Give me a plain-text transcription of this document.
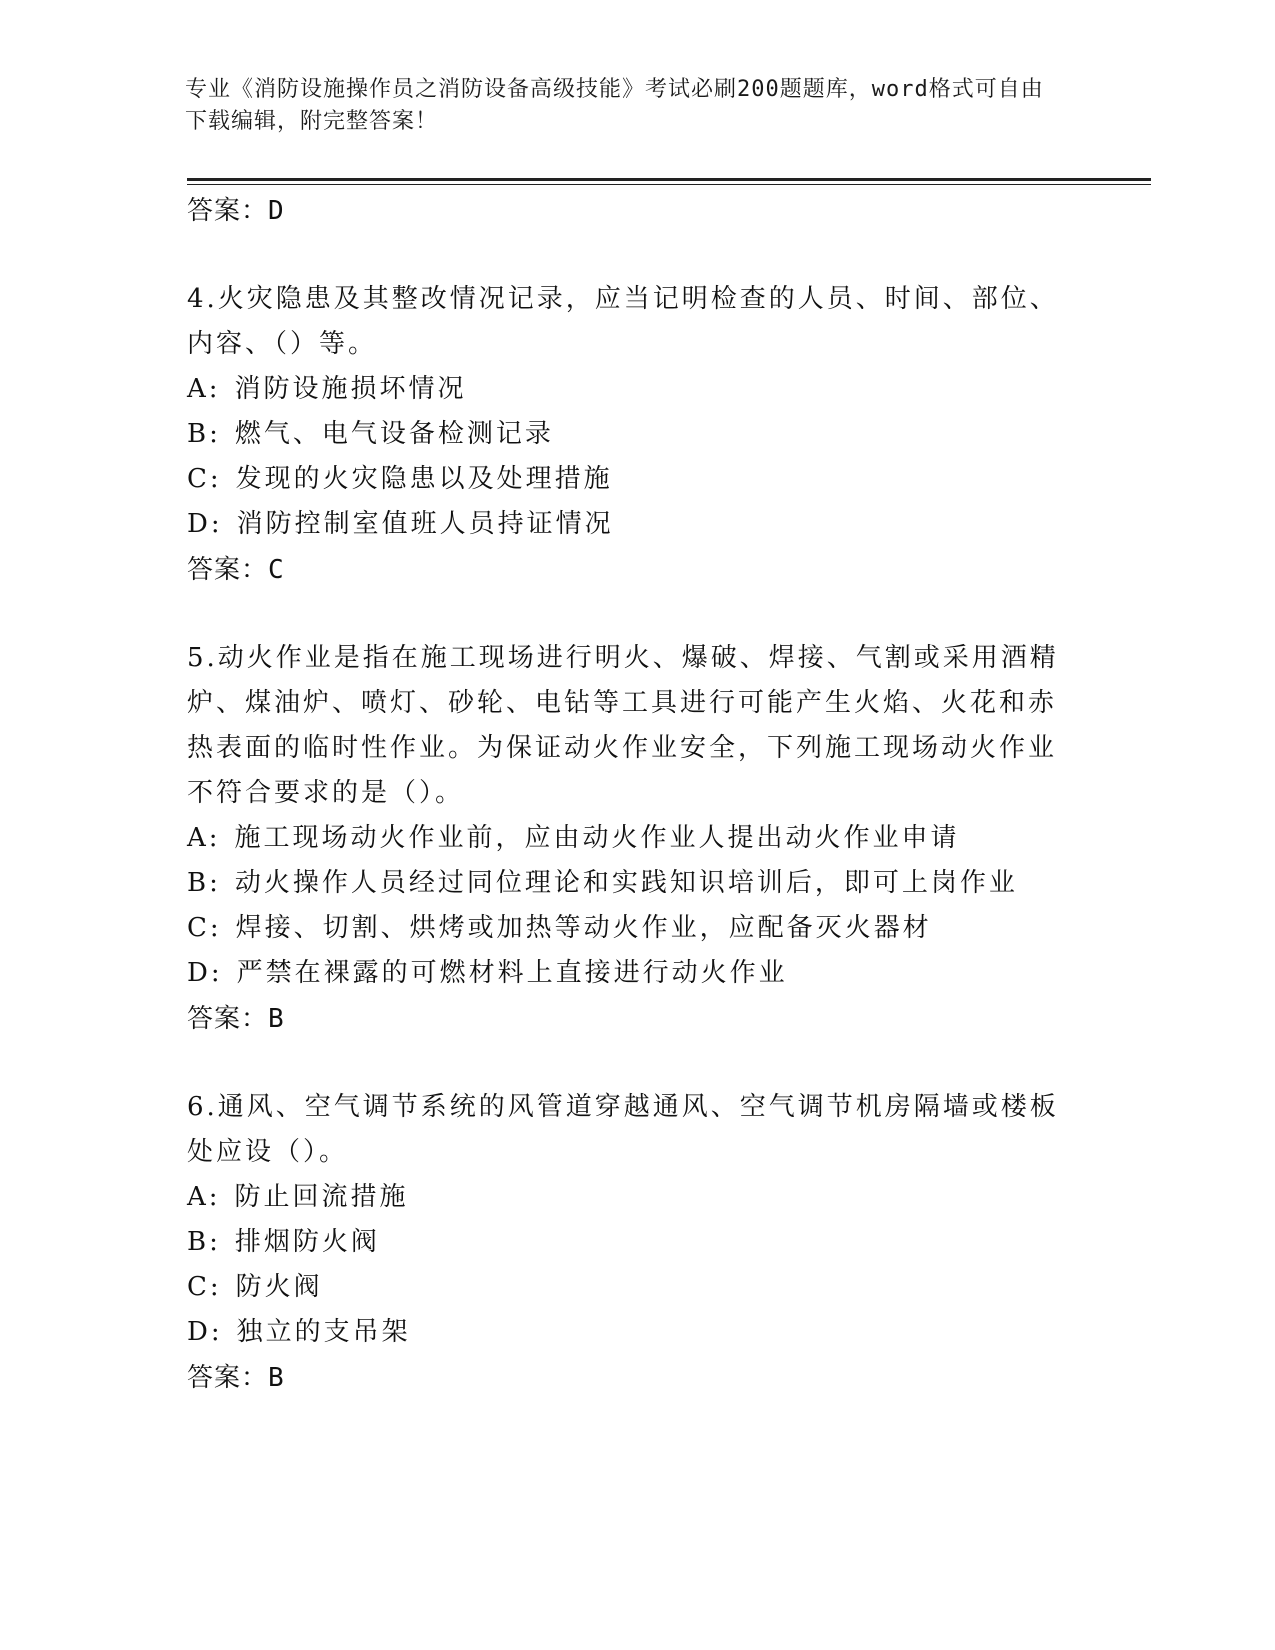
专业《消防设施操作员之消防设备高级技能》考试必刷200题题库，word格式可自由下载编辑，附完整答案！
答案：D
4.火灾隐患及其整改情况记录，应当记明检查的人员、时间、部位、内容、（）等。
A: 消防设施损坏情况
B: 燃气、电气设备检测记录
C: 发现的火灾隐患以及处理措施
D: 消防控制室值班人员持证情况
答案：C
5.动火作业是指在施工现场进行明火、爆破、焊接、气割或采用酒精炉、煤油炉、喷灯、砂轮、电钻等工具进行可能产生火焰、火花和赤热表面的临时性作业。为保证动火作业安全，下列施工现场动火作业不符合要求的是（）。
A: 施工现场动火作业前，应由动火作业人提出动火作业申请
B: 动火操作人员经过同位理论和实践知识培训后，即可上岗作业
C: 焊接、切割、烘烤或加热等动火作业，应配备灭火器材
D: 严禁在裸露的可燃材料上直接进行动火作业
答案：B
6.通风、空气调节系统的风管道穿越通风、空气调节机房隔墙或楼板处应设（）。
A: 防止回流措施
B: 排烟防火阀
C: 防火阀
D: 独立的支吊架
答案：B
